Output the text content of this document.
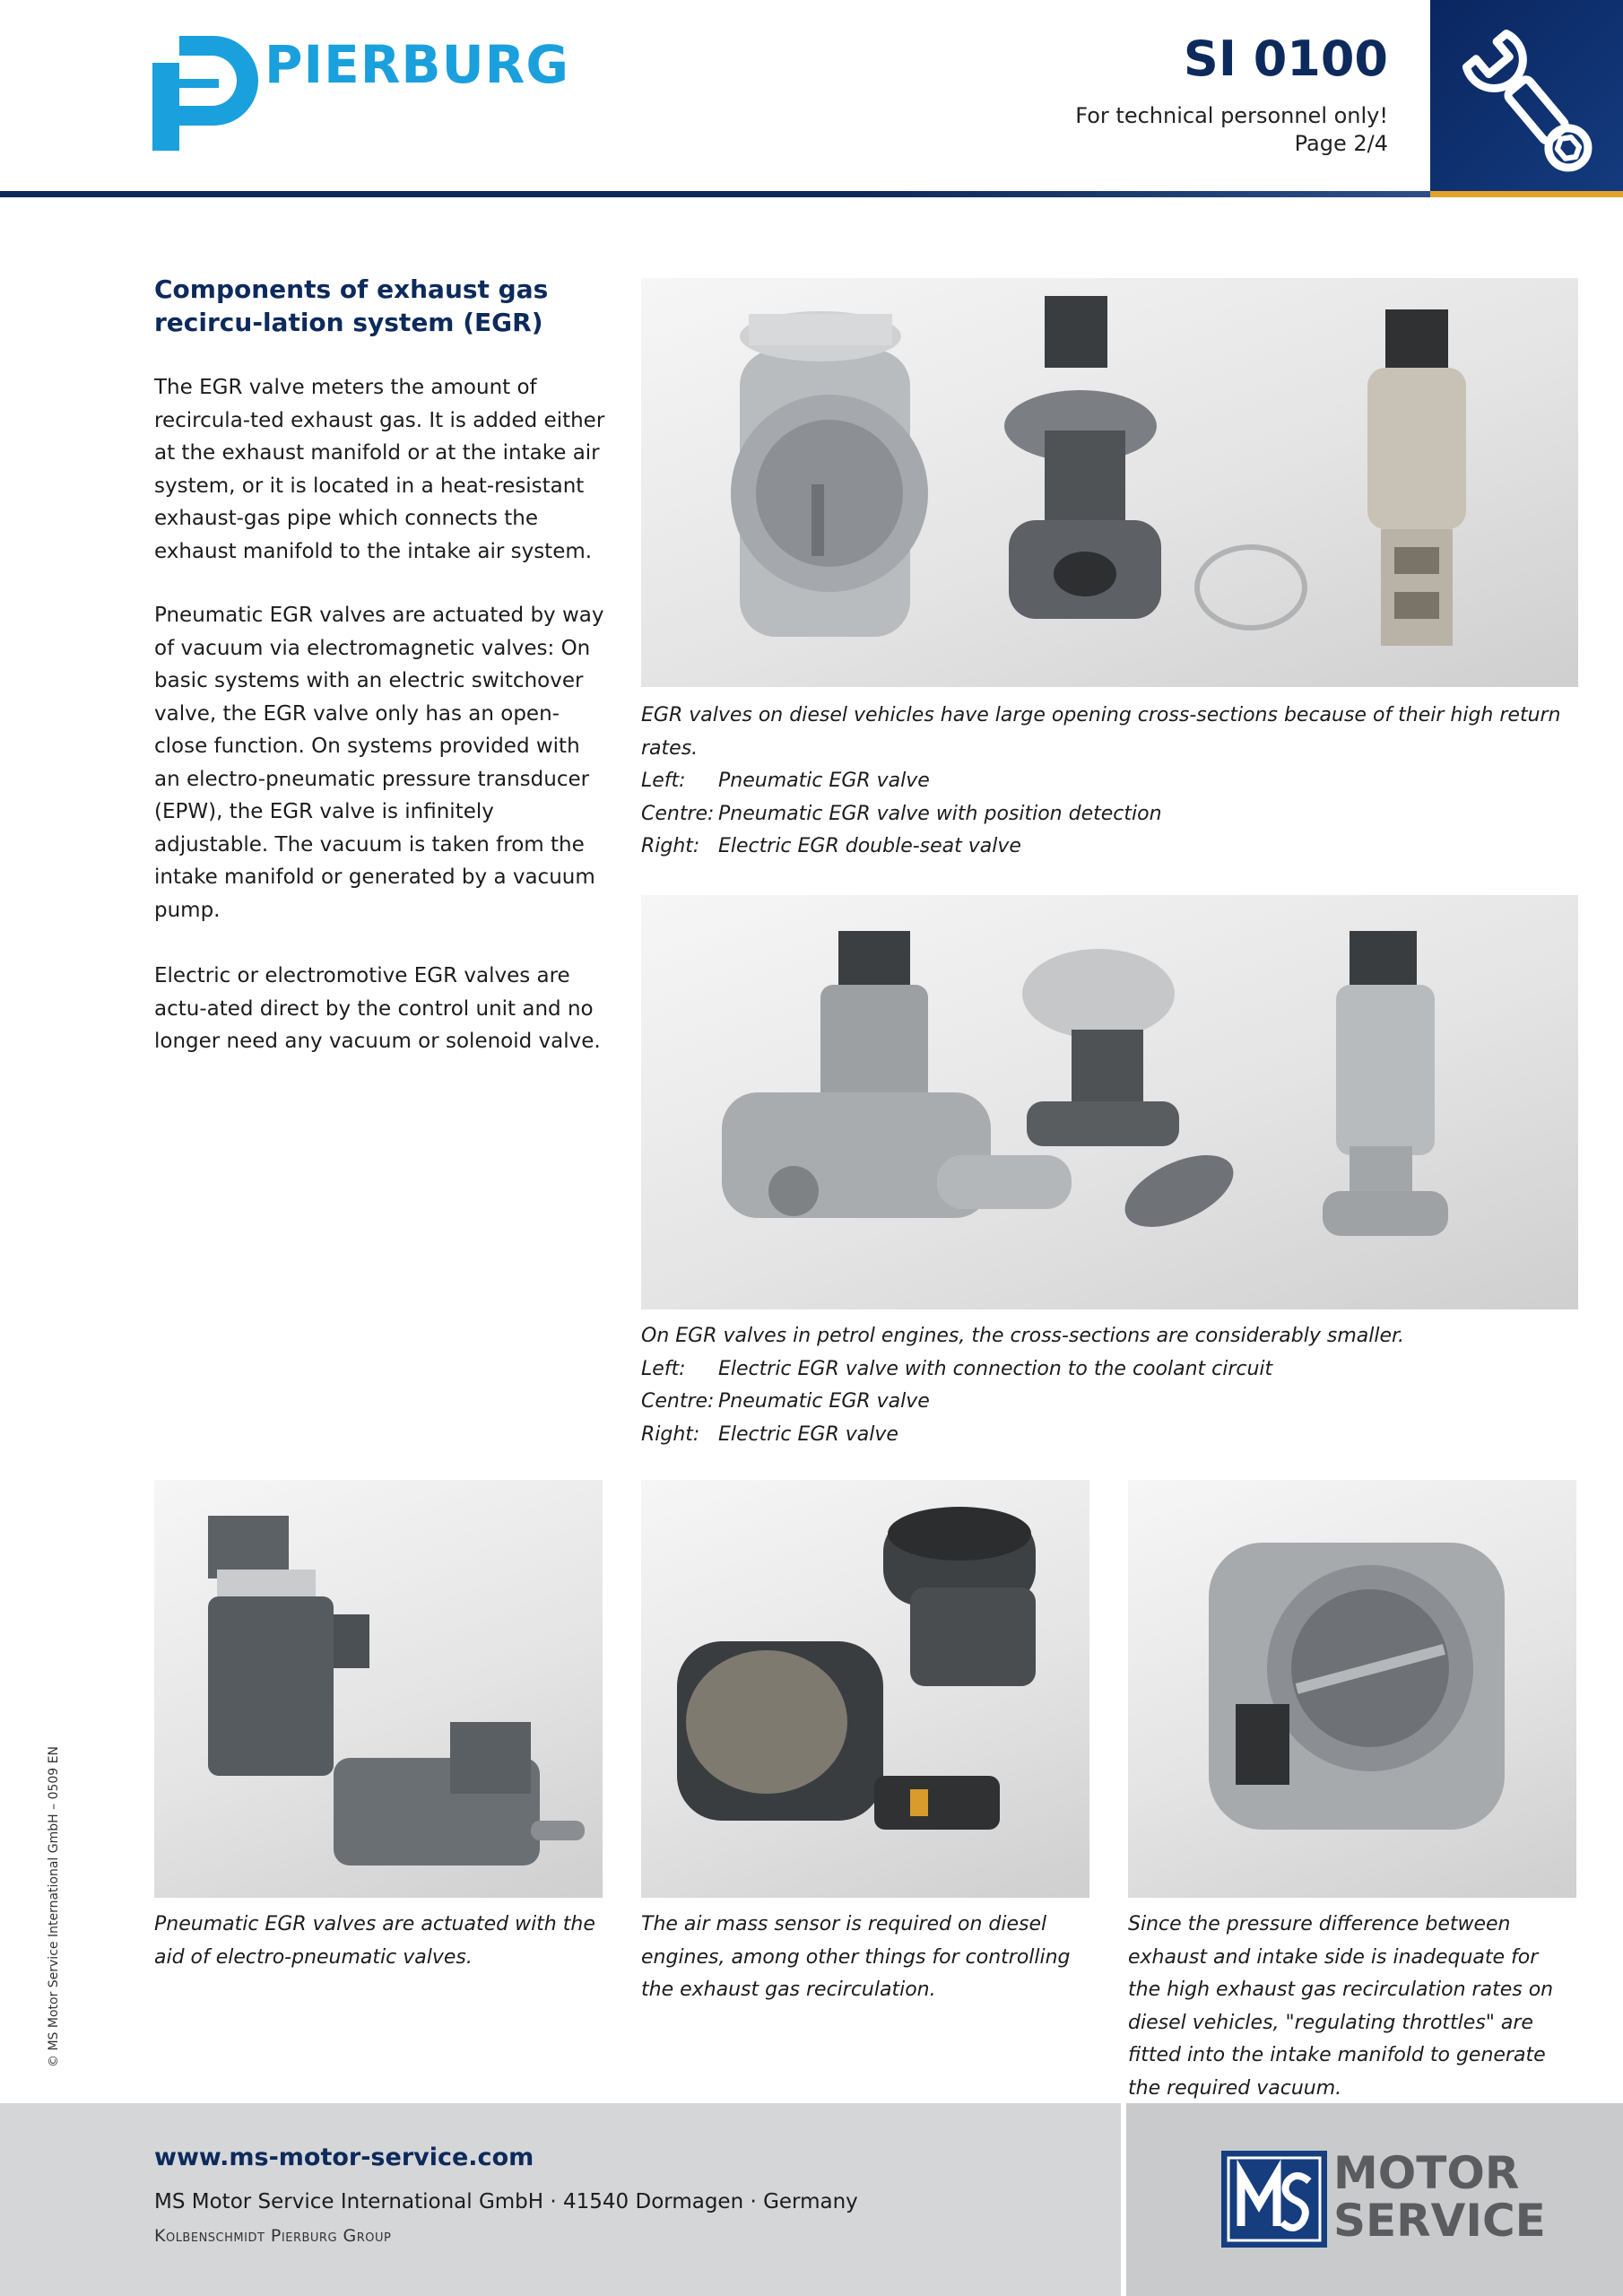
PIERBURG	SI 0100
For technical personnel only!
Page 2/4
Components of exhaust gas recircu-lation system (EGR)

The EGR valve meters the amount of recircula-ted exhaust gas. It is added either at the exhaust manifold or at the intake air system, or it is located in a heat-resistant exhaust-gas pipe which connects the exhaust manifold to the intake air system.

Pneumatic EGR valves are actuated by way of vacuum via electromagnetic valves: On basic systems with an electric switchover valve, the EGR valve only has an open-close function. On systems provided with an electro-pneumatic pressure transducer (EPW), the EGR valve is infinitely adjustable. The vacuum is taken from the intake manifold or generated by a vacuum pump.

Electric or electromotive EGR valves are actu-ated direct by the control unit and no longer need any vacuum or solenoid valve.

EGR valves on diesel vehicles have large opening cross-sections because of their high return rates.
Left:	Pneumatic EGR valve
Centre: Pneumatic EGR valve with position detection
Right: Electric EGR double-seat valve
On EGR valves in petrol engines, the cross-sections are considerably smaller.
Left:	Electric EGR valve with connection to the coolant circuit
Centre: Pneumatic EGR valve
Right: Electric EGR valve
Pneumatic EGR valves are actuated with the aid of electro-pneumatic valves.
The air mass sensor is required on diesel engines, among other things for controlling the exhaust gas recirculation.
Since the pressure difference between exhaust and intake side is inadequate for the high exhaust gas recirculation rates on diesel vehicles, "regulating throttles" are fitted into the intake manifold to generate the required vacuum.
© MS Motor Service International GmbH – 0509 EN
www.ms-motor-service.com
MS Motor Service International GmbH · 41540 Dormagen · Germany
Kolbenschmidt Pierburg Group
MOTOR
SERVICE
